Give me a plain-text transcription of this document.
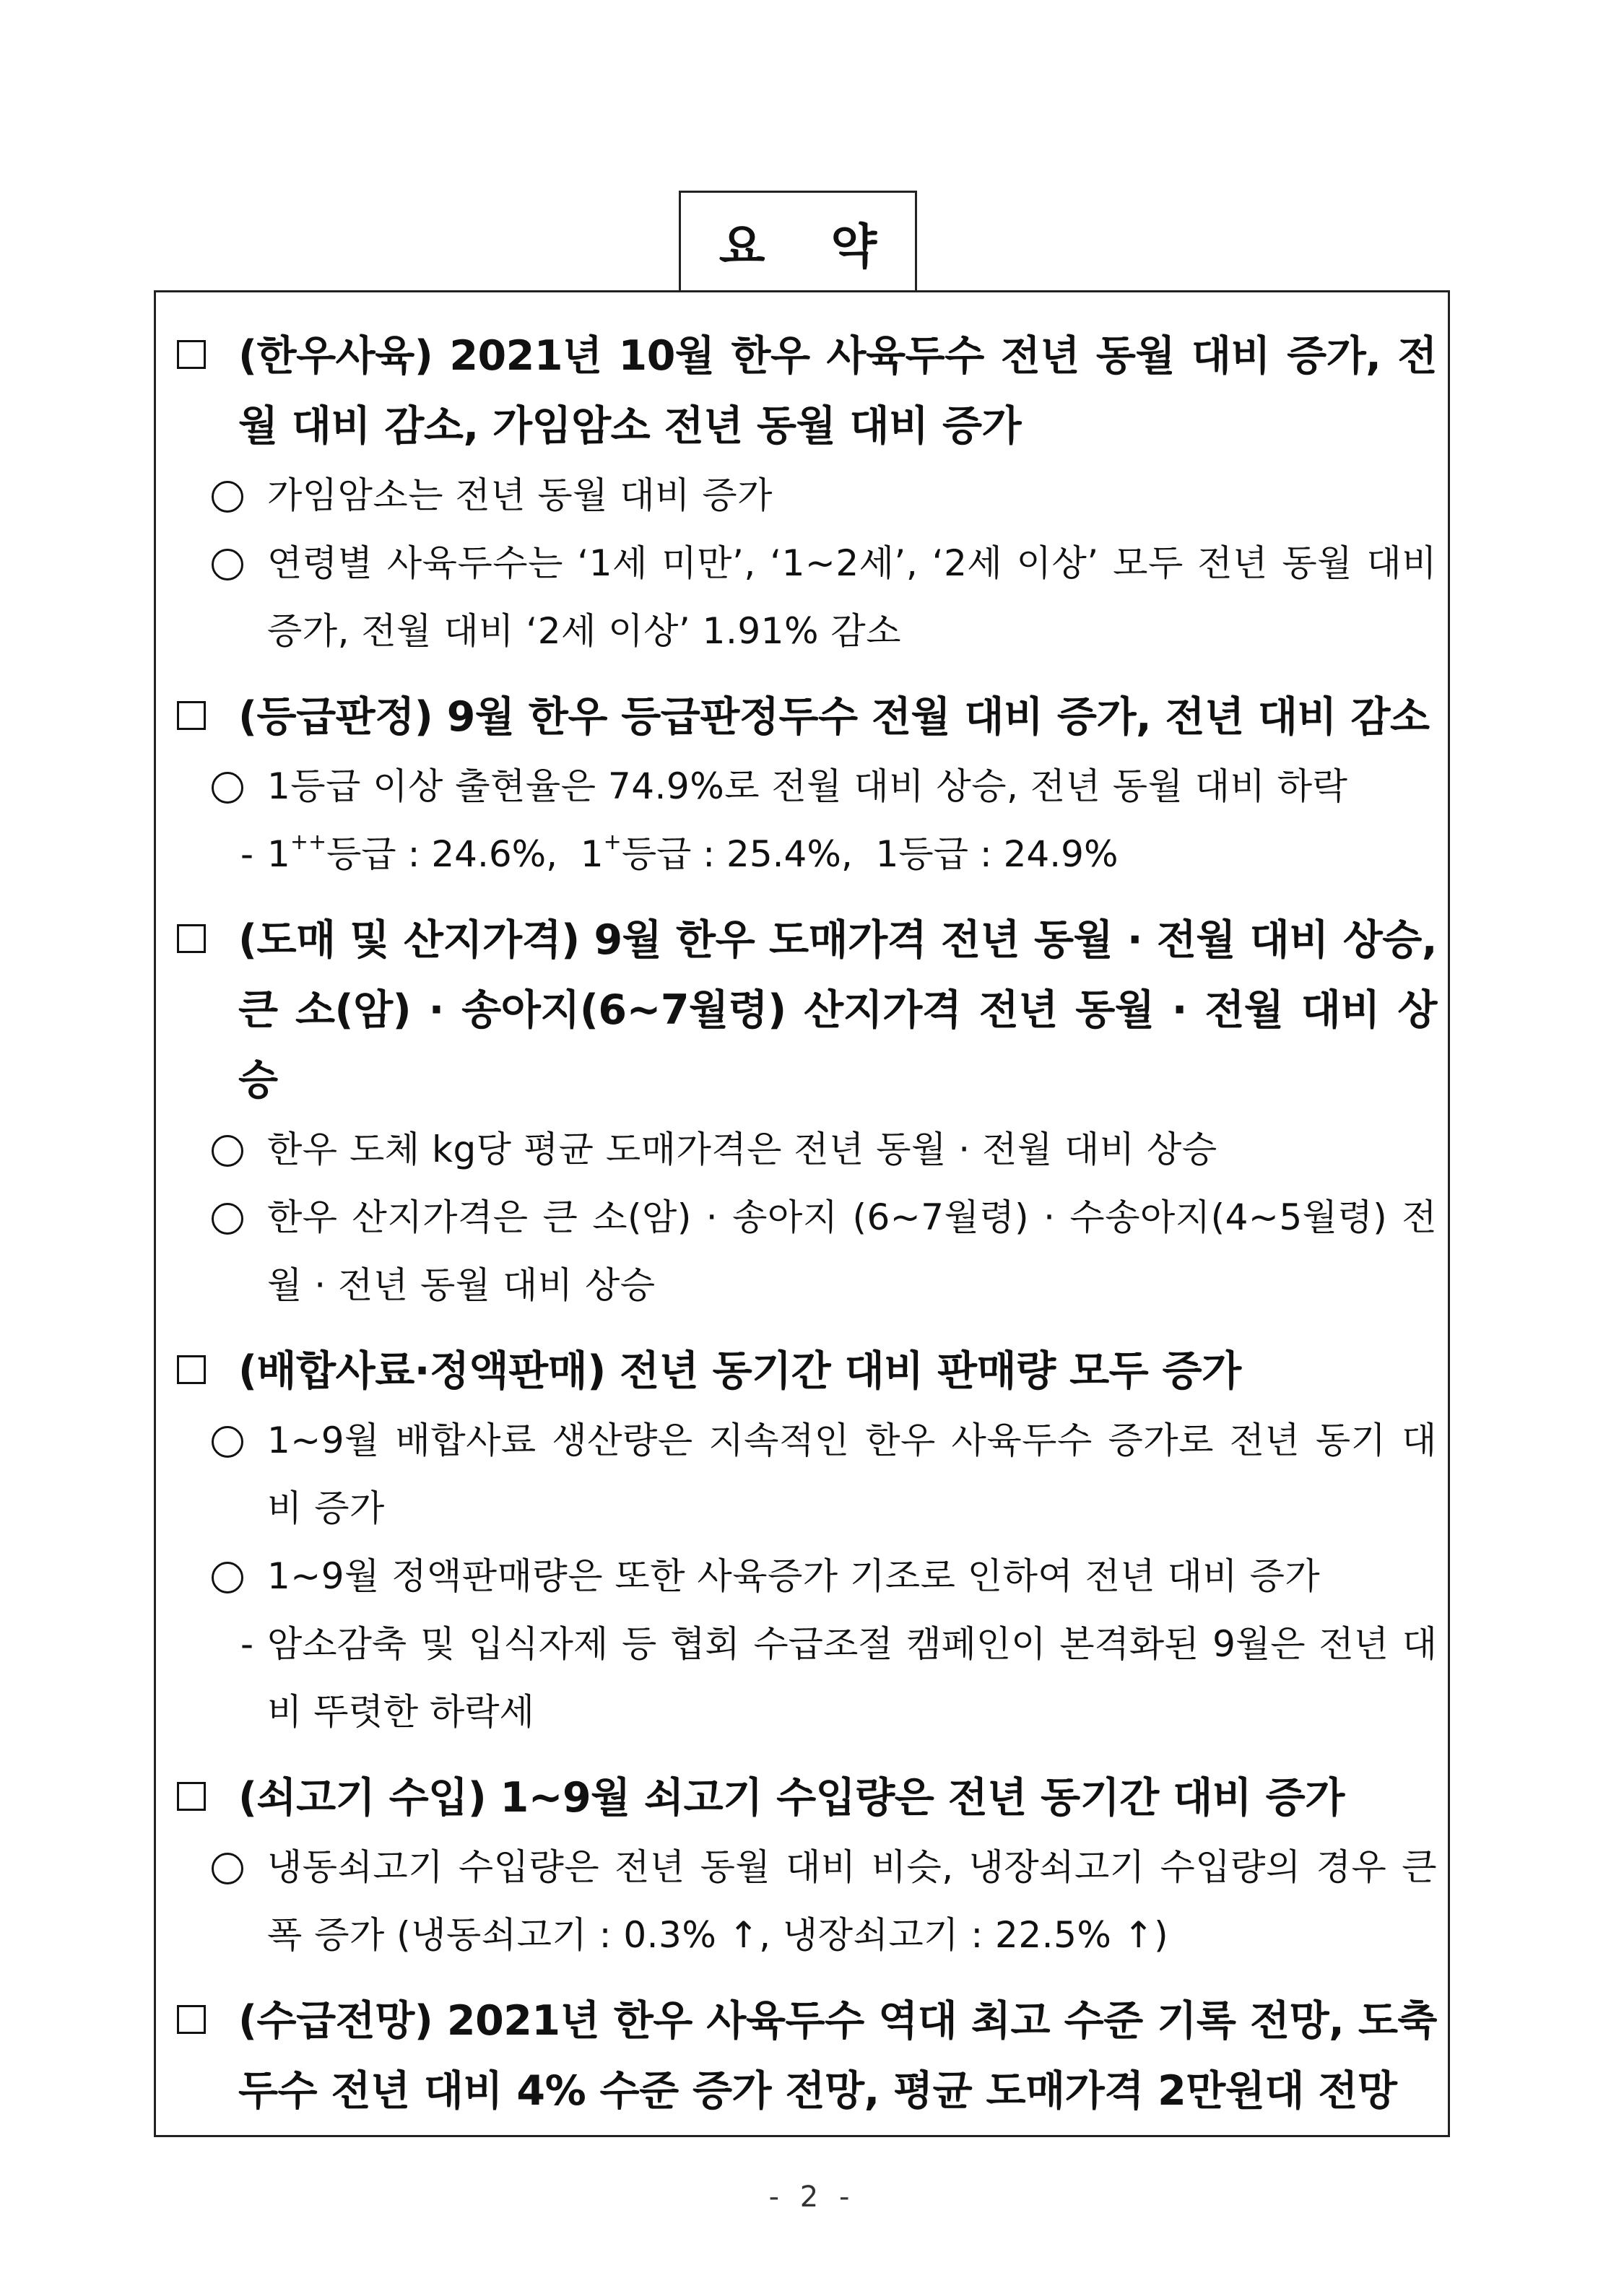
요 약
(한우사육) 2021년 10월 한우 사육두수 전년 동월 대비 증가, 전월 대비 감소, 가임암소 전년 동월 대비 증가
가임암소는 전년 동월 대비 증가
연령별 사육두수는 ‘1세 미만’, ‘1~2세’, ‘2세 이상’ 모두 전년 동월 대비 증가, 전월 대비 ‘2세 이상’ 1.91% 감소
(등급판정) 9월 한우 등급판정두수 전월 대비 증가, 전년 대비 감소
1등급 이상 출현율은 74.9%로 전월 대비 상승, 전년 동월 대비 하락
- 1++등급 : 24.6%, 1+등급 : 25.4%, 1등급 : 24.9%
(도매 및 산지가격) 9월 한우 도매가격 전년 동월 · 전월 대비 상승, 큰 소(암) · 송아지(6~7월령) 산지가격 전년 동월 · 전월 대비 상승
한우 도체 kg당 평균 도매가격은 전년 동월 · 전월 대비 상승
한우 산지가격은 큰 소(암) · 송아지 (6~7월령) · 수송아지(4~5월령) 전월 · 전년 동월 대비 상승
(배합사료·정액판매) 전년 동기간 대비 판매량 모두 증가
1~9월 배합사료 생산량은 지속적인 한우 사육두수 증가로 전년 동기 대비 증가
1~9월 정액판매량은 또한 사육증가 기조로 인하여 전년 대비 증가
- 암소감축 및 입식자제 등 협회 수급조절 캠페인이 본격화된 9월은 전년 대비 뚜렷한 하락세
(쇠고기 수입) 1~9월 쇠고기 수입량은 전년 동기간 대비 증가
냉동쇠고기 수입량은 전년 동월 대비 비슷, 냉장쇠고기 수입량의 경우 큰 폭 증가 (냉동쇠고기 : 0.3% ↑, 냉장쇠고기 : 22.5% ↑)
(수급전망) 2021년 한우 사육두수 역대 최고 수준 기록 전망, 도축두수 전년 대비 4% 수준 증가 전망, 평균 도매가격 2만원대 전망
- 2 -
